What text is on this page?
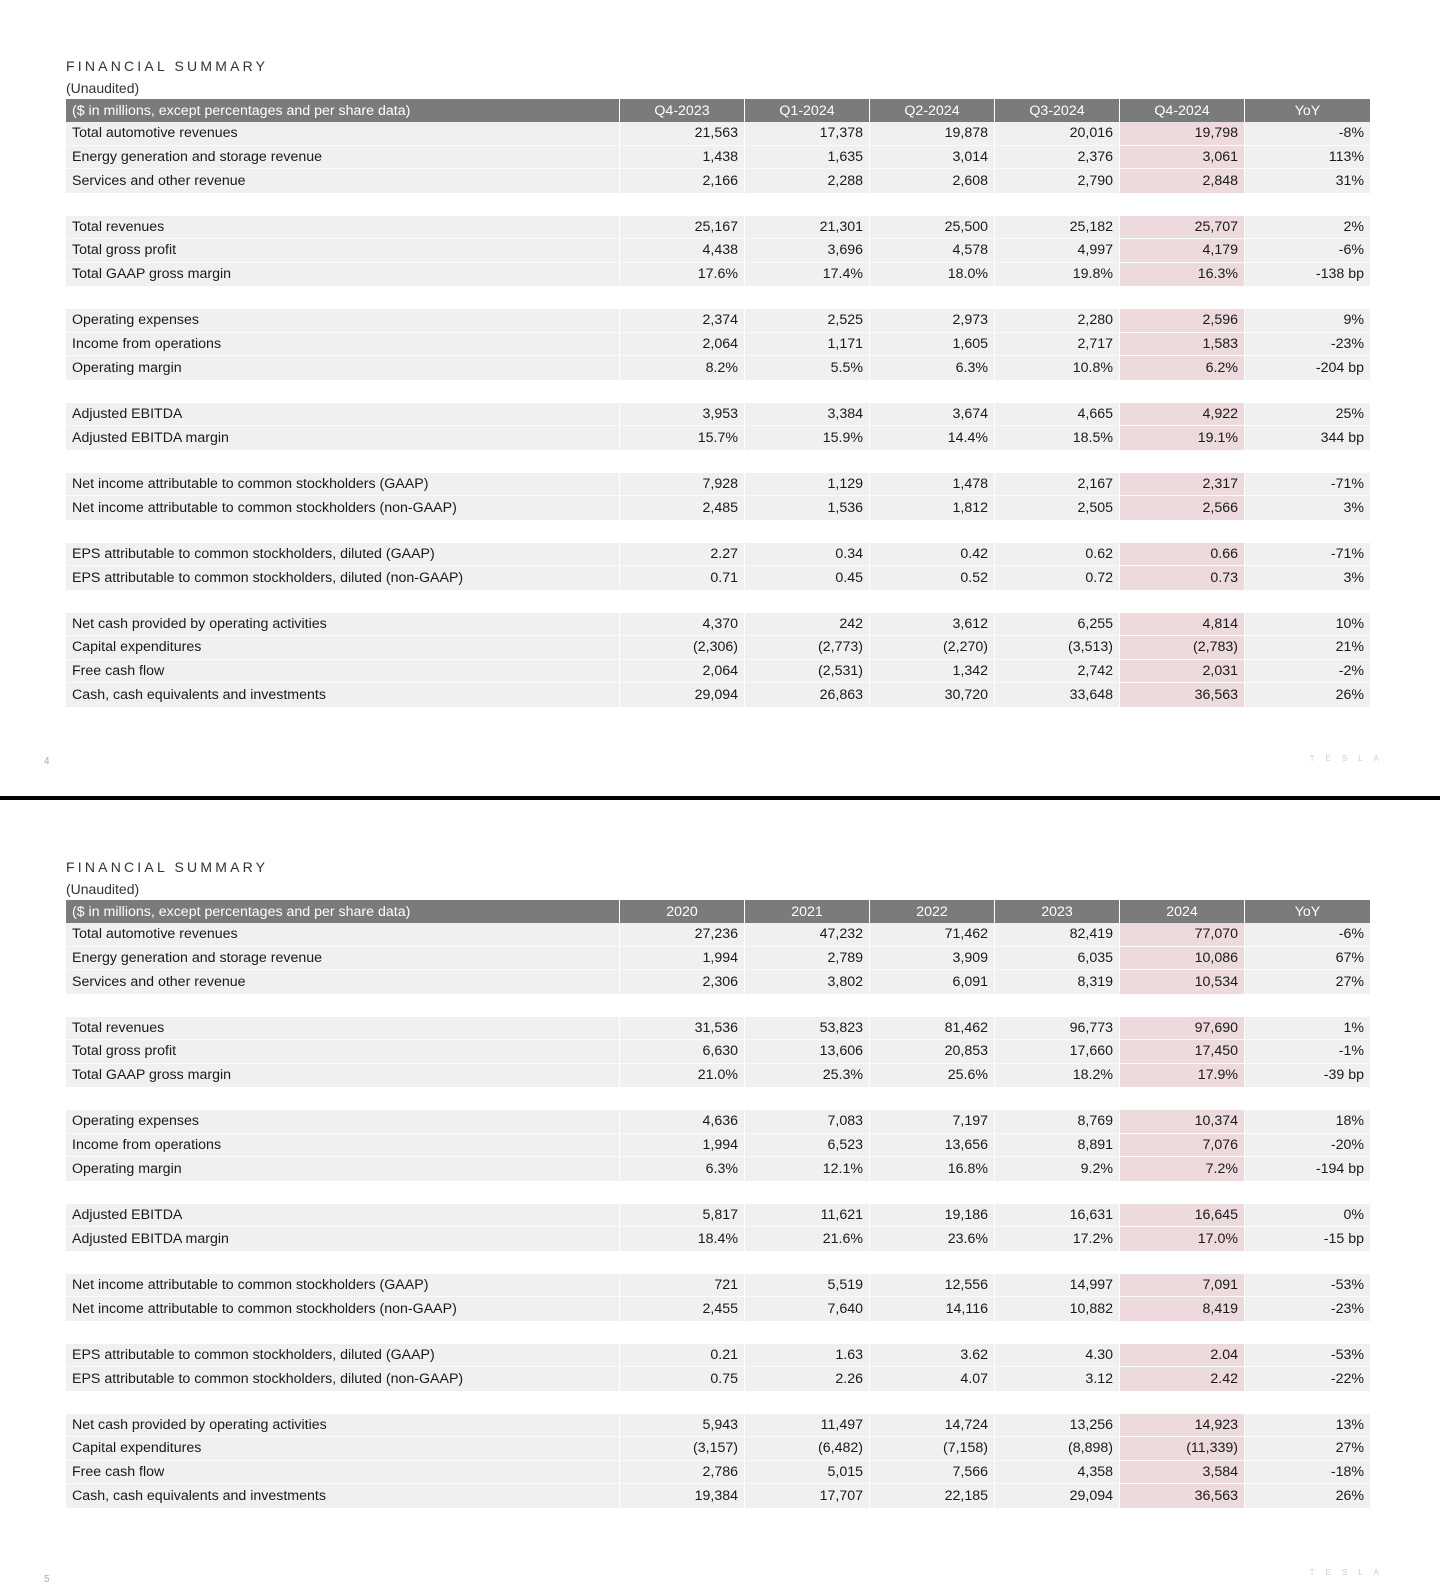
FINANCIAL SUMMARY
(Unaudited)
($ in millions, except percentages and per share data)	Q4-2023	Q1-2024	Q2-2024	Q3-2024	Q4-2024	YoY
Total automotive revenues	21,563	17,378	19,878	20,016	19,798	-8%
Energy generation and storage revenue	1,438	1,635	3,014	2,376	3,061	113%
Services and other revenue	2,166	2,288	2,608	2,790	2,848	31%
Total revenues	25,167	21,301	25,500	25,182	25,707	2%
Total gross profit	4,438	3,696	4,578	4,997	4,179	-6%
Total GAAP gross margin	17.6%	17.4%	18.0%	19.8%	16.3%	-138 bp
Operating expenses	2,374	2,525	2,973	2,280	2,596	9%
Income from operations	2,064	1,171	1,605	2,717	1,583	-23%
Operating margin	8.2%	5.5%	6.3%	10.8%	6.2%	-204 bp
Adjusted EBITDA	3,953	3,384	3,674	4,665	4,922	25%
Adjusted EBITDA margin	15.7%	15.9%	14.4%	18.5%	19.1%	344 bp
Net income attributable to common stockholders (GAAP)	7,928	1,129	1,478	2,167	2,317	-71%
Net income attributable to common stockholders (non-GAAP)	2,485	1,536	1,812	2,505	2,566	3%
EPS attributable to common stockholders, diluted (GAAP)	2.27	0.34	0.42	0.62	0.66	-71%
EPS attributable to common stockholders, diluted (non-GAAP)	0.71	0.45	0.52	0.72	0.73	3%
Net cash provided by operating activities	4,370	242	3,612	6,255	4,814	10%
Capital expenditures	(2,306)	(2,773)	(2,270)	(3,513)	(2,783)	21%
Free cash flow	2,064	(2,531)	1,342	2,742	2,031	-2%
Cash, cash equivalents and investments	29,094	26,863	30,720	33,648	36,563	26%
4	T E S L A
FINANCIAL SUMMARY
(Unaudited)
($ in millions, except percentages and per share data)	2020	2021	2022	2023	2024	YoY
Total automotive revenues	27,236	47,232	71,462	82,419	77,070	-6%
Energy generation and storage revenue	1,994	2,789	3,909	6,035	10,086	67%
Services and other revenue	2,306	3,802	6,091	8,319	10,534	27%
Total revenues	31,536	53,823	81,462	96,773	97,690	1%
Total gross profit	6,630	13,606	20,853	17,660	17,450	-1%
Total GAAP gross margin	21.0%	25.3%	25.6%	18.2%	17.9%	-39 bp
Operating expenses	4,636	7,083	7,197	8,769	10,374	18%
Income from operations	1,994	6,523	13,656	8,891	7,076	-20%
Operating margin	6.3%	12.1%	16.8%	9.2%	7.2%	-194 bp
Adjusted EBITDA	5,817	11,621	19,186	16,631	16,645	0%
Adjusted EBITDA margin	18.4%	21.6%	23.6%	17.2%	17.0%	-15 bp
Net income attributable to common stockholders (GAAP)	721	5,519	12,556	14,997	7,091	-53%
Net income attributable to common stockholders (non-GAAP)	2,455	7,640	14,116	10,882	8,419	-23%
EPS attributable to common stockholders, diluted (GAAP)	0.21	1.63	3.62	4.30	2.04	-53%
EPS attributable to common stockholders, diluted (non-GAAP)	0.75	2.26	4.07	3.12	2.42	-22%
Net cash provided by operating activities	5,943	11,497	14,724	13,256	14,923	13%
Capital expenditures	(3,157)	(6,482)	(7,158)	(8,898)	(11,339)	27%
Free cash flow	2,786	5,015	7,566	4,358	3,584	-18%
Cash, cash equivalents and investments	19,384	17,707	22,185	29,094	36,563	26%
5
T E S L A
